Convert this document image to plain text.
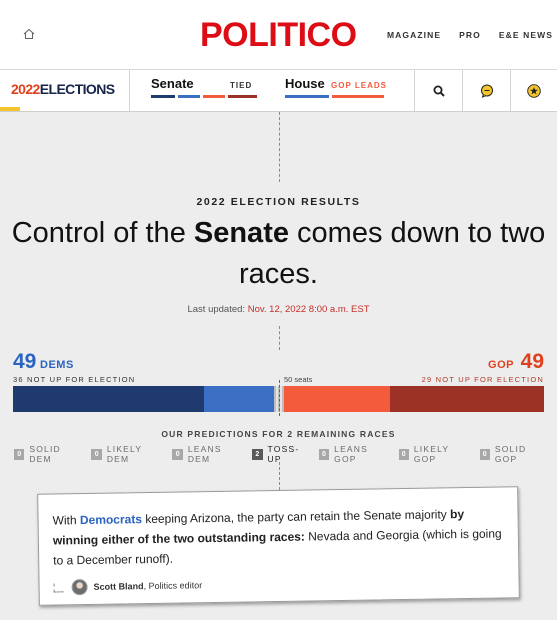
POLITICO	MAGAZINE PRO E&E NEWS
2022ELECTIONS	Senate	TIED	House GOP LEADS
2022 ELECTION RESULTS
Control of the Senate comes down to two races.
Last updated: Nov. 12, 2022 8:00 a.m. EST
49 DEMS
36 NOT UP FOR ELECTION
GOP 49
29 NOT UP FOR ELECTION
50 seats
OUR PREDICTIONS FOR 2 REMAINING RACES
0 SOLID DEM	0 LIKELY DEM	0 LEANS DEM	2 TOSS-UP	0 LEANS GOP	0 LIKELY GOP	0 SOLID GOP
With Democrats keeping Arizona, the party can retain the Senate majority by winning either of the two outstanding races: Nevada and Georgia (which is going to a December runoff).
Scott Bland, Politics editor
